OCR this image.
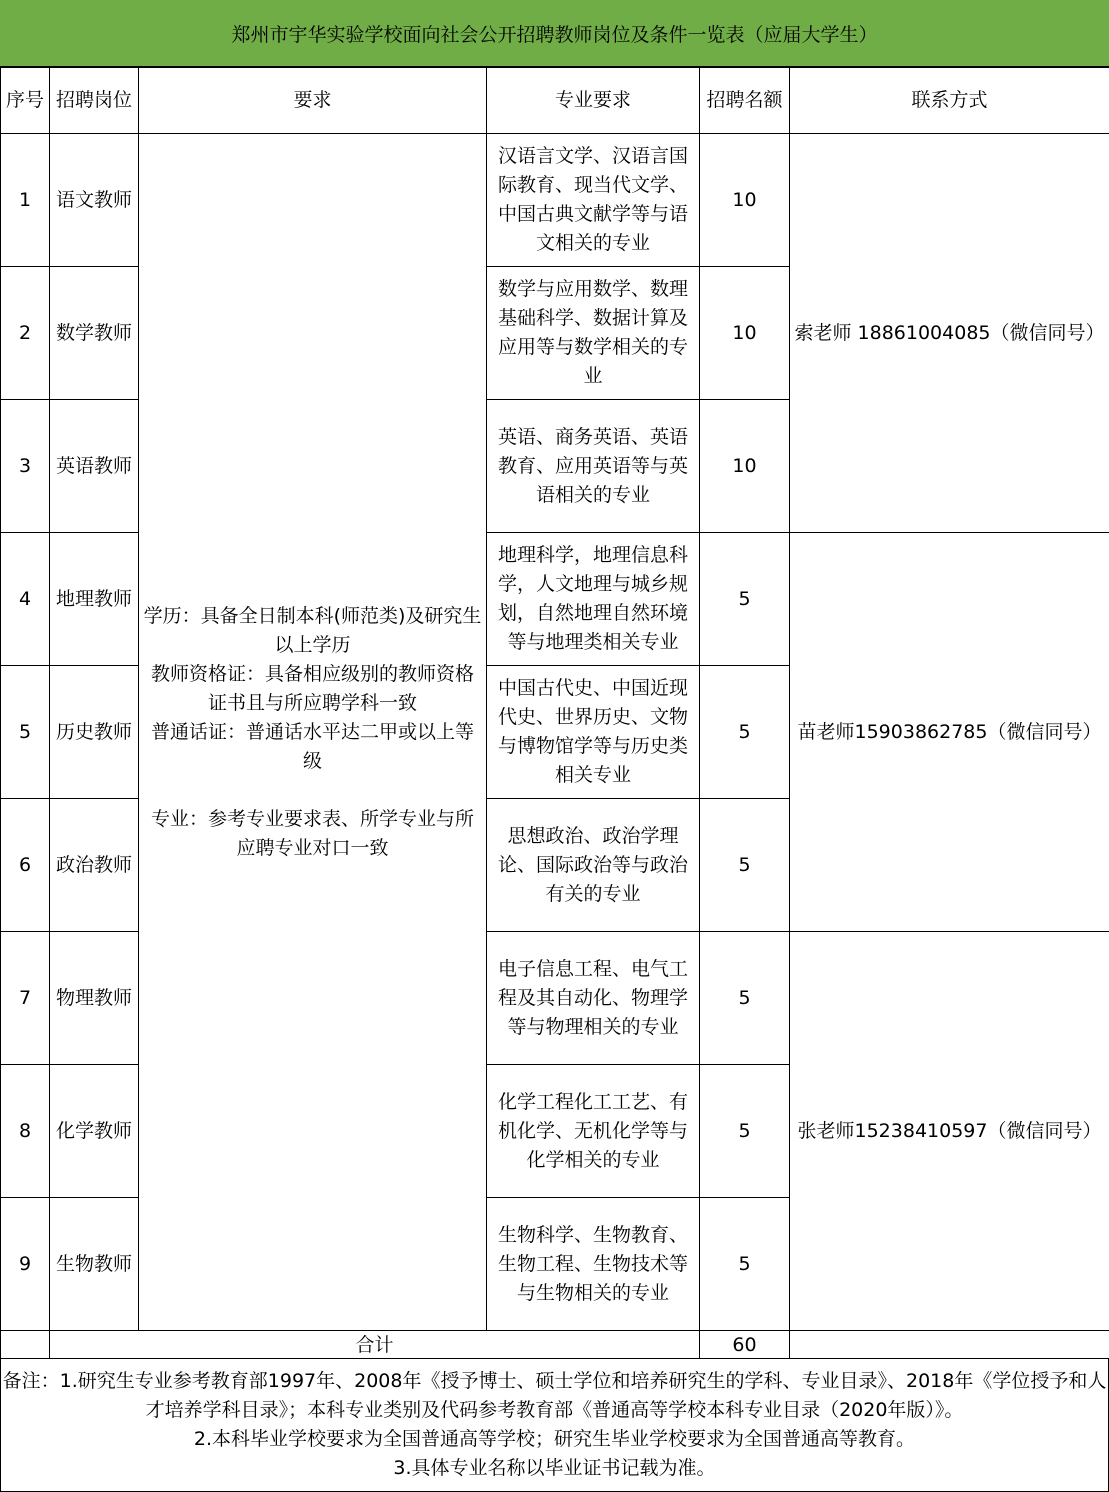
郑州市宇华实验学校面向社会公开招聘教师岗位及条件一览表（应届大学生）
序号	招聘岗位	要求	专业要求	招聘名额	联系方式
1	语文教师	学历：具备全日制本科(师范类)及研究生以上学历

教师资格证：具备相应级别的教师资格证书且与所应聘学科一致

普通话证：普通话水平达二甲或以上等级

专业：参考专业要求表、所学专业与所应聘专业对口一致	汉语言文学、汉语言国际教育、现当代文学、中国古典文献学等与语文相关的专业	10	索老师 18861004085（微信同号）
2	数学教师		数学与应用数学、数理基础科学、数据计算及应用等与数学相关的专业	10	
3	英语教师		英语、商务英语、英语教育、应用英语等与英语相关的专业	10	
4	地理教师		地理科学，地理信息科学，人文地理与城乡规划，自然地理自然环境等与地理类相关专业	5	苗老师15903862785（微信同号）
5	历史教师		中国古代史、中国近现代史、世界历史、文物与博物馆学等与历史类相关专业	5	
6	政治教师		思想政治、政治学理论、国际政治等与政治有关的专业	5	
7	物理教师		电子信息工程、电气工程及其自动化、物理学等与物理相关的专业	5	张老师15238410597（微信同号）
8	化学教师		化学工程化工工艺、有机化学、无机化学等与化学相关的专业	5	
9	生物教师		生物科学、生物教育、生物工程、生物技术等与生物相关的专业	5	
	合计			60	

备注：1.研究生专业参考教育部1997年、2008年《授予博士、硕士学位和培养研究生的学科、专业目录》、2018年《学位授予和人才培养学科目录》；本科专业类别及代码参考教育部《普通高等学校本科专业目录（2020年版）》。

2.本科毕业学校要求为全国普通高等学校；研究生毕业学校要求为全国普通高等教育。

3.具体专业名称以毕业证书记载为准。
